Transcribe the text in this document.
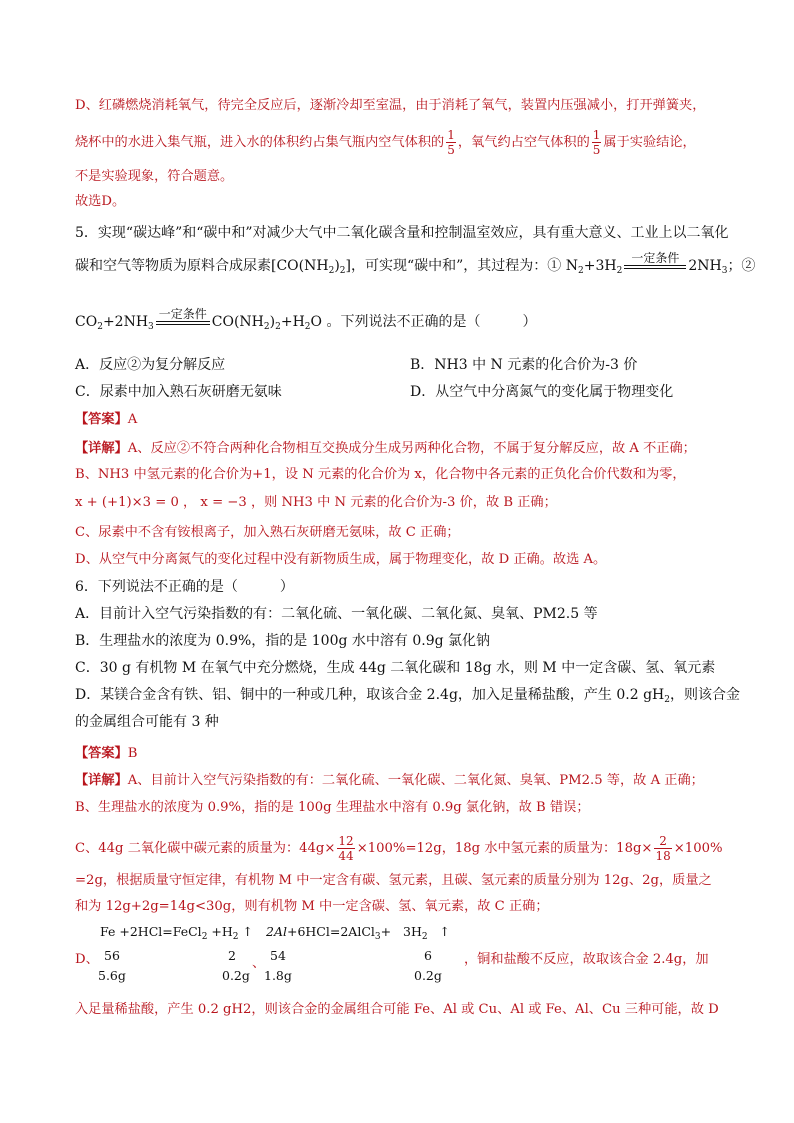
D、红磷燃烧消耗氧气，待完全反应后，逐渐冷却至室温，由于消耗了氧气，装置内压强减小，打开弹簧夹，
烧杯中的水进入集气瓶，进入水的体积约占集气瓶内空气体积的 $\frac{1}{5}$ ，氧气约占空气体积的 $\frac{1}{5}$ 属于实验结论，
不是实验现象，符合题意。
故选D。
5．实现“碳达峰”和“碳中和”对减少大气中二氧化碳含量和控制温室效应，具有重大意义、工业上以二氧化
碳和空气等物质为原料合成尿素$[CO(NH_2)_2]$，可实现“碳中和”，其过程为：① $N_2+3H_2$
一定条件 $2NH_3$；②
$CO_2+2NH_3$
一定条件 $CO(NH_2)_2+H_2O$ 。下列说法不正确的是（　　　）
A．反应②为复分解反应	B．NH3 中 N 元素的化合价为-3 价
C．尿素中加入熟石灰研磨无氨味	D．从空气中分离氮气的变化属于物理变化
【答案】A
【详解】A、反应②不符合两种化合物相互交换成分生成另两种化合物，不属于复分解反应，故 A 不正确；
B、NH3 中氢元素的化合价为+1，设 N 元素的化合价为 x，化合物中各元素的正负化合价代数和为零，
x + (+1)×3 = 0 ， x = −3 ，则 NH3 中 N 元素的化合价为-3 价，故 B 正确；
C、尿素中不含有铵根离子，加入熟石灰研磨无氨味，故 C 正确；
D、从空气中分离氮气的变化过程中没有新物质生成，属于物理变化，故 D 正确。故选 A。
6．下列说法不正确的是（　　　）
A．目前计入空气污染指数的有：二氧化硫、一氧化碳、二氧化氮、臭氧、PM2.5 等
B．生理盐水的浓度为 0.9%，指的是 100g 水中溶有 0.9g 氯化钠
C．30 g 有机物 M 在氧气中充分燃烧，生成 44g 二氧化碳和 18g 水，则 M 中一定含碳、氢、氧元素
D．某镁合金含有铁、铝、铜中的一种或几种，取该合金 2.4g，加入足量稀盐酸，产生 0.2 $gH_2$，则该合金
的金属组合可能有 3 种
【答案】B
【详解】A、目前计入空气污染指数的有：二氧化硫、一氧化碳、二氧化氮、臭氧、PM2.5 等，故 A 正确；
B、生理盐水的浓度为 0.9%，指的是 100g 生理盐水中溶有 0.9g 氯化钠，故 B 错误；
C、44g 二氧化碳中碳元素的质量为：$44g\times \frac{12}{44} \times 100\%=12g$，18g 水中氢元素的质量为：$18g\times \frac{2}{18} \times 100\%$
=2g，根据质量守恒定律，有机物 M 中一定含有碳、氢元素，且碳、氢元素的质量分别为 12g、2g，质量之
和为 12g+2g=14g<30g，则有机物 M 中一定含碳、氢、氧元素，故 C 正确；
Fe +2HCl=FeCl$_2$ $+H_2$ ↑
56	2
5.6g	0.2g
D、	、
2Al+6HCl=2AlCl$_3$+ $3H_2$   ↑
54	6
1.8g	0.2g
，铜和盐酸不反应，故取该合金 2.4g，加
入足量稀盐酸，产生 0.2 gH2，则该合金的金属组合可能 Fe、Al 或 Cu、Al 或 Fe、Al、Cu 三种可能，故 D
